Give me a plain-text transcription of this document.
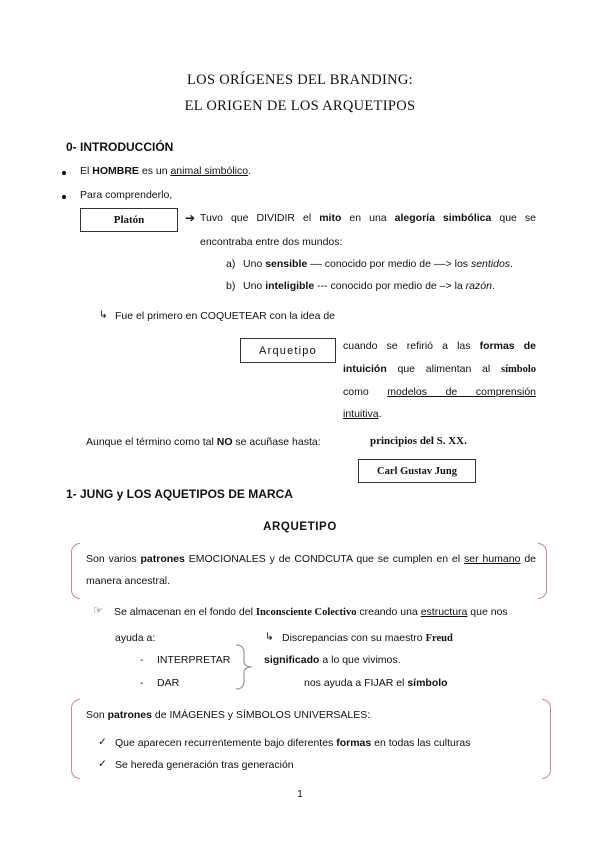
LOS ORÍGENES DEL BRANDING:
EL ORIGEN DE LOS ARQUETIPOS
0- INTRODUCCIÓN
El HOMBRE es un animal simbólico.
Para comprenderlo,
Platón	➔ Tuvo que DIVIDIR el mito en una alegoría simbólica que se
encontraba entre dos mundos:
a) Uno sensible –– conocido por medio de ––> los sentidos.
b) Uno inteligible --- conocido por medio de –> la razón.
↳ Fue el primero en COQUETEAR con la idea de
Arquetipo	cuando se refirió a las formas de
intuición que alimentan al símbolo
como modelos de comprensión
intuitiva.
Aunque el término como tal NO se acuñase hasta:	principios del S. XX.
Carl Gustav Jung
1- JUNG y LOS AQUETIPOS DE MARCA
ARQUETIPO
Son varios patrones EMOCIONALES y de CONDCUTA que se cumplen en el ser humano de
manera ancestral.
☞ Se almacenan en el fondo del Inconsciente Colectivo creando una estructura que nos
ayuda a:	↳ Discrepancias con su maestro Freud
- INTERPRETAR
- DAR
significado a lo que vivimos.
nos ayuda a FIJAR el símbolo
Son patrones de IMÁGENES y SÍMBOLOS UNIVERSALES:
✓ Que aparecen recurrentemente bajo diferentes formas en todas las culturas
✓ Se hereda generación tras generación
1
